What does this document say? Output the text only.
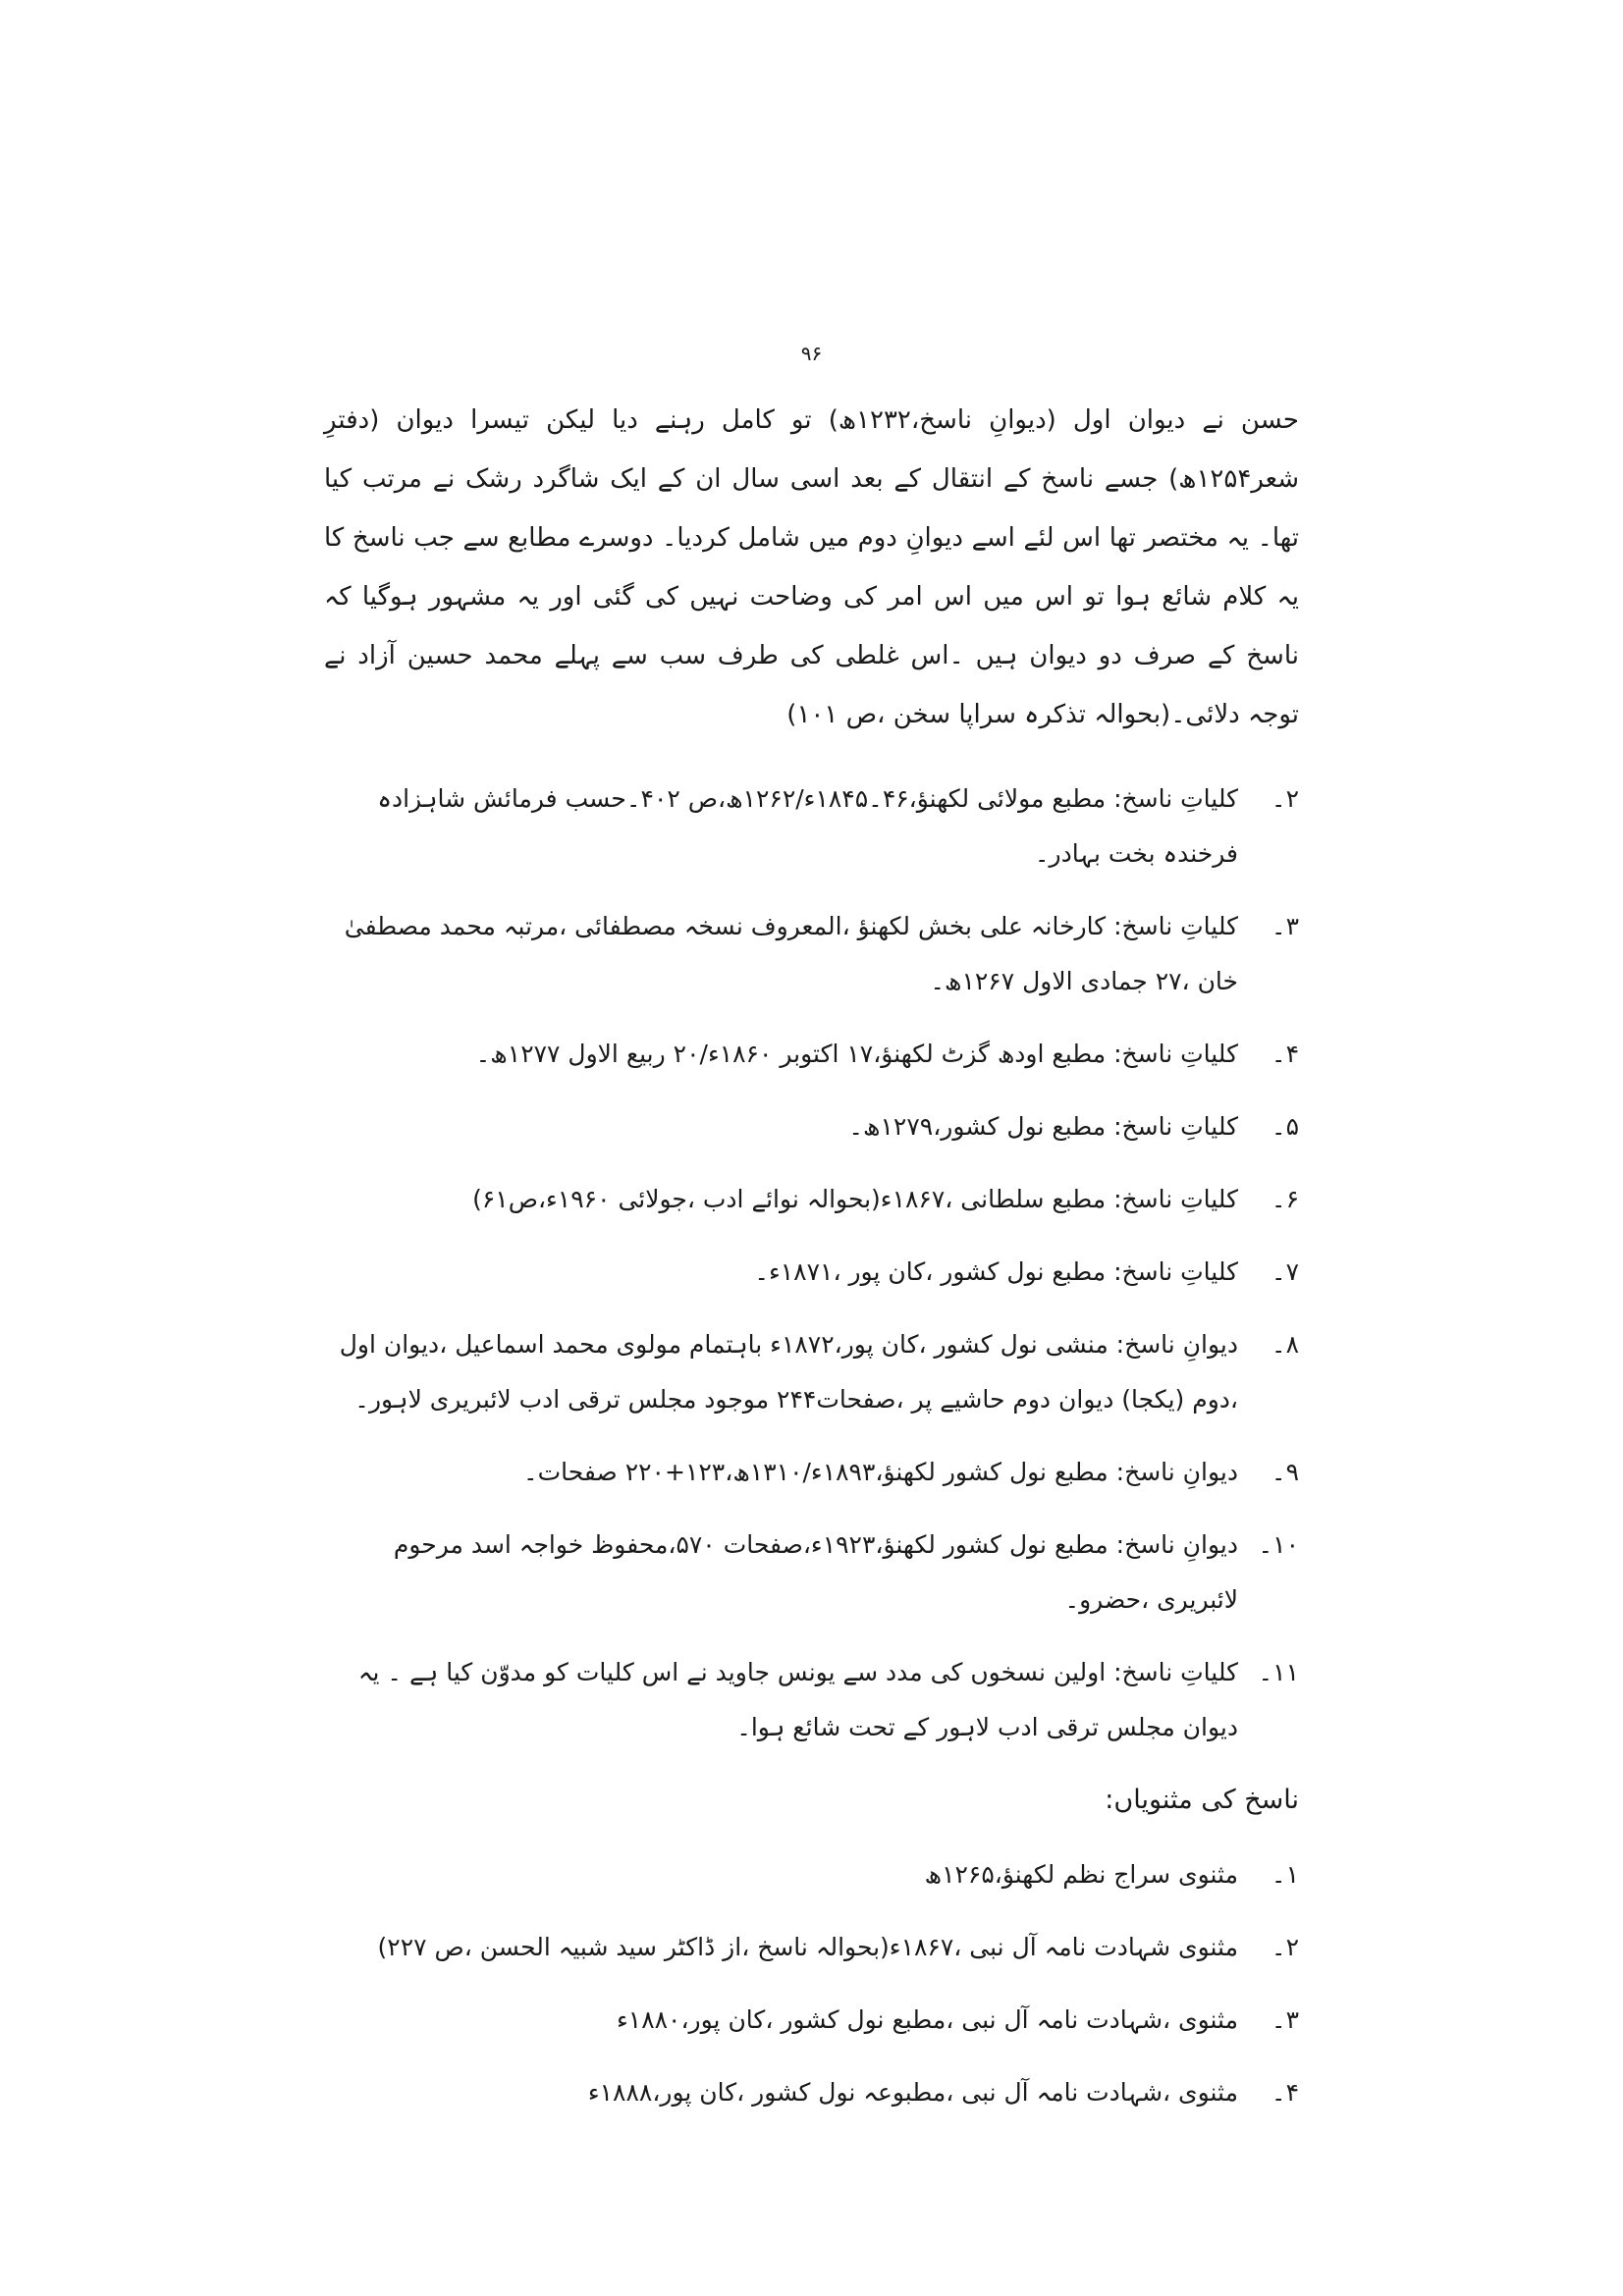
۹۶

حسن نے دیوان اول (دیوانِ ناسخ،۱۲۳۲ھ) تو کامل رہنے دیا لیکن تیسرا دیوان (دفترِ شعر۱۲۵۴ھ) جسے ناسخ کے انتقال کے بعد اسی سال ان کے ایک شاگرد رشک نے مرتب کیا تھا۔ یہ مختصر تھا اس لئے اسے دیوانِ دوم میں شامل کردیا۔ دوسرے مطابع سے جب ناسخ کا یہ کلام شائع ہوا تو اس میں اس امر کی وضاحت نہیں کی گئی اور یہ مشہور ہوگیا کہ ناسخ کے صرف دو دیوان ہیں ۔اس غلطی کی طرف سب سے پہلے محمد حسین آزاد نے توجہ دلائی۔(بحوالہ تذکرہ سراپا سخن ،ص ۱۰۱)

۲۔
کلیاتِ ناسخ: مطبع مولائی لکھنؤ،۴۶۔۱۸۴۵ء/۱۲۶۲ھ،ص ۴۰۲۔حسب فرمائش شاہزادہ فرخندہ بخت بہادر۔
۳۔
کلیاتِ ناسخ: کارخانہ علی بخش لکھنؤ ،المعروف نسخہ مصطفائی ،مرتبہ محمد مصطفیٰ خان ،۲۷ جمادی الاول ۱۲۶۷ھ۔
۴۔
کلیاتِ ناسخ: مطبع اودھ گزٹ لکھنؤ،۱۷ اکتوبر ۱۸۶۰ء/۲۰ ربیع الاول ۱۲۷۷ھ۔
۵۔
کلیاتِ ناسخ: مطبع نول کشور،۱۲۷۹ھ۔
۶۔
کلیاتِ ناسخ: مطبع سلطانی ،۱۸۶۷ء(بحوالہ نوائے ادب ،جولائی ۱۹۶۰ء،ص۶۱)
۷۔
کلیاتِ ناسخ: مطبع نول کشور ،کان پور ،۱۸۷۱ء۔
۸۔
دیوانِ ناسخ: منشی نول کشور ،کان پور،۱۸۷۲ء باہتمام مولوی محمد اسماعیل ،دیوان اول ،دوم (یکجا) دیوان دوم حاشیے پر ،صفحات۲۴۴ موجود مجلس ترقی ادب لائبریری لاہور۔
۹۔
دیوانِ ناسخ: مطبع نول کشور لکھنؤ،۱۸۹۳ء/۱۳۱۰ھ،۱۲۳+۲۲۰ صفحات۔
۱۰۔
دیوانِ ناسخ: مطبع نول کشور لکھنؤ،۱۹۲۳ء،صفحات ۵۷۰،محفوظ خواجہ اسد مرحوم لائبریری ،حضرو۔
۱۱۔
کلیاتِ ناسخ: اولین نسخوں کی مدد سے یونس جاوید نے اس کلیات کو مدوّن کیا ہے ۔ یہ دیوان مجلس ترقی ادب لاہور کے تحت شائع ہوا۔
ناسخ کی مثنویاں:
۱۔
مثنوی سراج نظم لکھنؤ،۱۲۶۵ھ
۲۔
مثنوی شہادت نامہ آل نبی ،۱۸۶۷ء(بحوالہ ناسخ ،از ڈاکٹر سید شبیہ الحسن ،ص ۲۲۷)
۳۔
مثنوی ،شہادت نامہ آل نبی ،مطبع نول کشور ،کان پور،۱۸۸۰ء
۴۔
مثنوی ،شہادت نامہ آل نبی ،مطبوعہ نول کشور ،کان پور،۱۸۸۸ء
